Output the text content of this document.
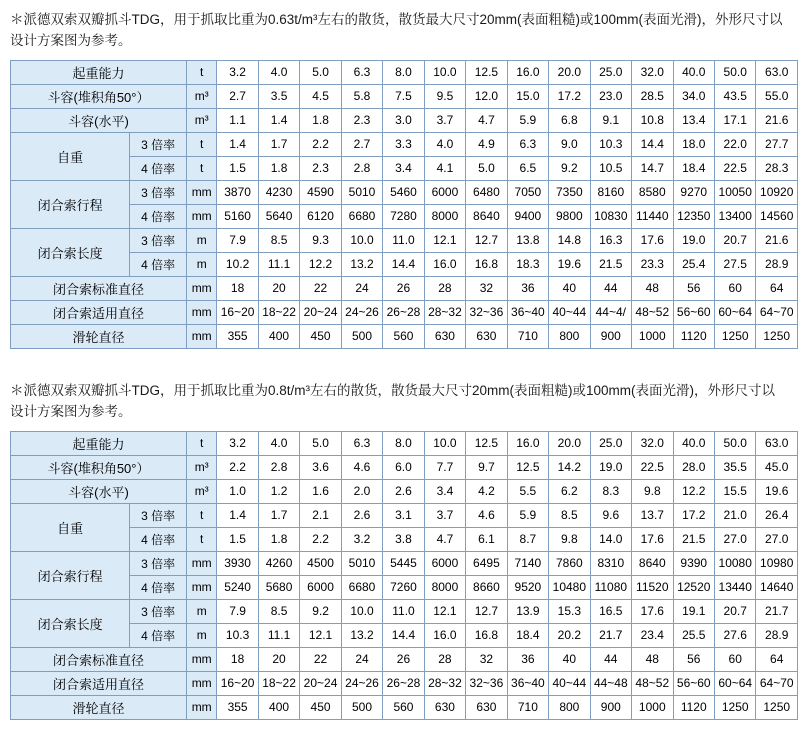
＊派德双索双瓣抓斗TDG，用于抓取比重为0.63t/m³左右的散货，散货最大尺寸20mm(表面粗糙)或100mm(表面光滑)，外形尺寸以设计方案图为参考。
起重能力		t	3.2	4.0	5.0	6.3	8.0	10.0	12.5	16.0	20.0	25.0	32.0	40.0	50.0	63.0
斗容(堆积角50°）		m³	2.7	3.5	4.5	5.8	7.5	9.5	12.0	15.0	17.2	23.0	28.5	34.0	43.5	55.0
斗容(水平)		m³	1.1	1.4	1.8	2.3	3.0	3.7	4.7	5.9	6.8	9.1	10.8	13.4	17.1	21.6
自重	3 倍率	t	1.4	1.7	2.2	2.7	3.3	4.0	4.9	6.3	9.0	10.3	14.4	18.0	22.0	27.7
	4 倍率	t	1.5	1.8	2.3	2.8	3.4	4.1	5.0	6.5	9.2	10.5	14.7	18.4	22.5	28.3
闭合索行程	3 倍率	mm	3870	4230	4590	5010	5460	6000	6480	7050	7350	8160	8580	9270	10050	10920
	4 倍率	mm	5160	5640	6120	6680	7280	8000	8640	9400	9800	10830	11440	12350	13400	14560
闭合索长度	3 倍率	m	7.9	8.5	9.3	10.0	11.0	12.1	12.7	13.8	14.8	16.3	17.6	19.0	20.7	21.6
	4 倍率	m	10.2	11.1	12.2	13.2	14.4	16.0	16.8	18.3	19.6	21.5	23.3	25.4	27.5	28.9
闭合索标准直径		mm	18	20	22	24	26	28	32	36	40	44	48	56	60	64
闭合索适用直径		mm	16~20	18~22	20~24	24~26	26~28	28~32	32~36	36~40	40~44	44~4/	48~52	56~60	60~64	64~70
滑轮直径		mm	355	400	450	500	560	630	630	710	800	900	1000	1120	1250	1250
＊派德双索双瓣抓斗TDG，用于抓取比重为0.8t/m³左右的散货，散货最大尺寸20mm(表面粗糙)或100mm(表面光滑)，外形尺寸以设计方案图为参考。
起重能力		t	3.2	4.0	5.0	6.3	8.0	10.0	12.5	16.0	20.0	25.0	32.0	40.0	50.0	63.0
斗容(堆积角50°）		m³	2.2	2.8	3.6	4.6	6.0	7.7	9.7	12.5	14.2	19.0	22.5	28.0	35.5	45.0
斗容(水平)		m³	1.0	1.2	1.6	2.0	2.6	3.4	4.2	5.5	6.2	8.3	9.8	12.2	15.5	19.6
自重	3 倍率	t	1.4	1.7	2.1	2.6	3.1	3.7	4.6	5.9	8.5	9.6	13.7	17.2	21.0	26.4
	4 倍率	t	1.5	1.8	2.2	3.2	3.8	4.7	6.1	8.7	9.8	14.0	17.6	21.5	27.0	27.0
闭合索行程	3 倍率	mm	3930	4260	4500	5010	5445	6000	6495	7140	7860	8310	8640	9390	10080	10980
	4 倍率	mm	5240	5680	6000	6680	7260	8000	8660	9520	10480	11080	11520	12520	13440	14640
闭合索长度	3 倍率	m	7.9	8.5	9.2	10.0	11.0	12.1	12.7	13.9	15.3	16.5	17.6	19.1	20.7	21.7
	4 倍率	m	10.3	11.1	12.1	13.2	14.4	16.0	16.8	18.4	20.2	21.7	23.4	25.5	27.6	28.9
闭合索标准直径		mm	18	20	22	24	26	28	32	36	40	44	48	56	60	64
闭合索适用直径		mm	16~20	18~22	20~24	24~26	26~28	28~32	32~36	36~40	40~44	44~48	48~52	56~60	60~64	64~70
滑轮直径		mm	355	400	450	500	560	630	630	710	800	900	1000	1120	1250	1250
